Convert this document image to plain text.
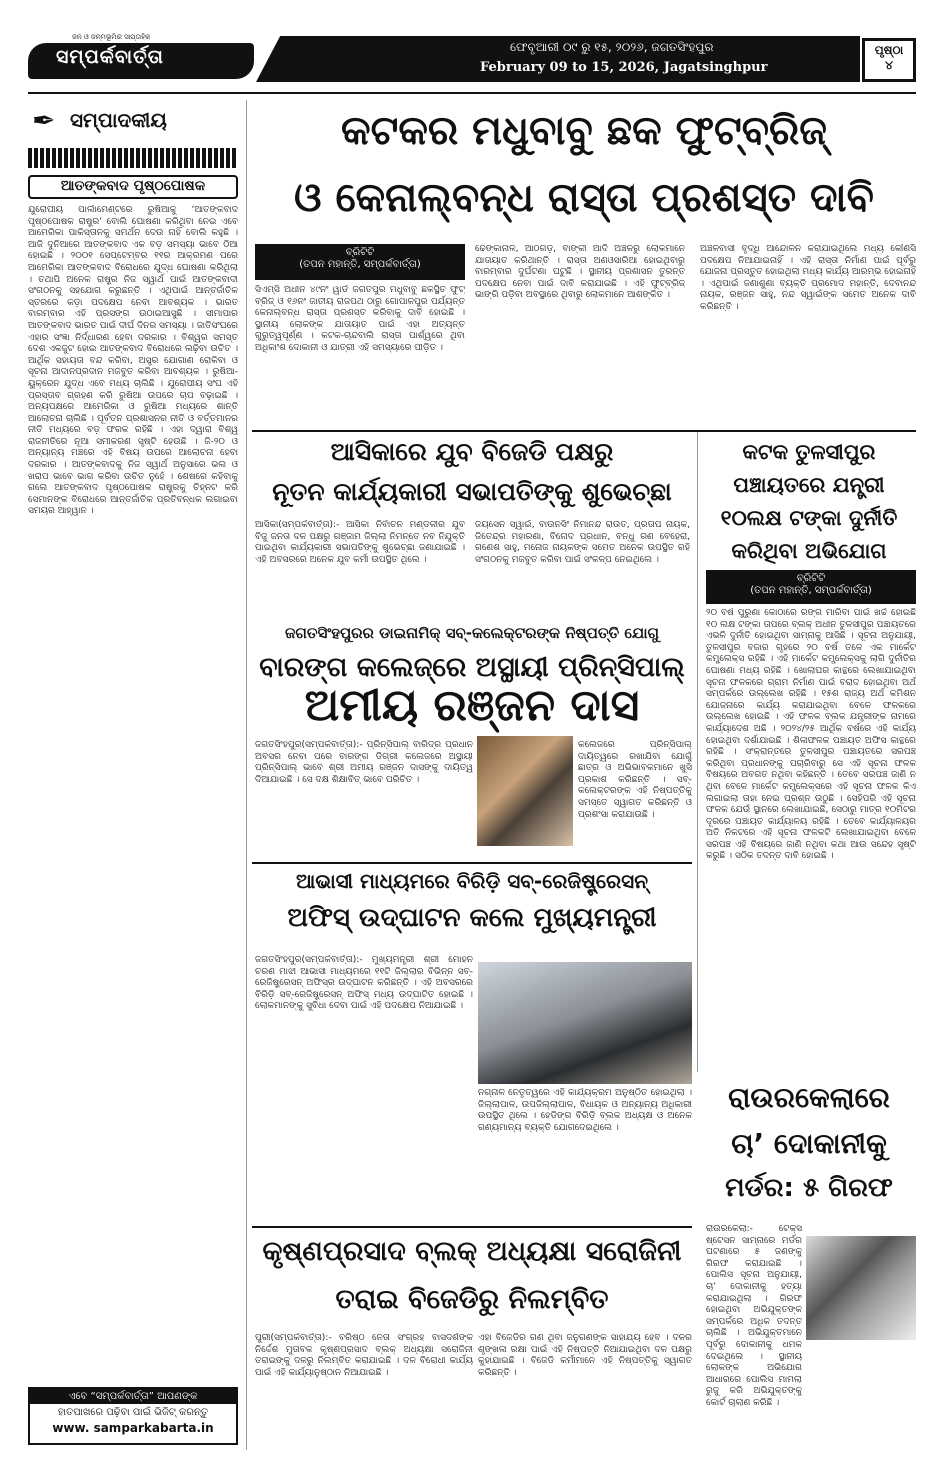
ଜନ ଓ ଜନ୍ମଭୂମିର ସାପ୍ତାହିକ
ସମ୍ପର୍କବାର୍ତ୍ତା	ଫେବୃଆରୀ ୦୯ ରୁ ୧୫, ୨୦୨୬, ଜଗତସିଂହପୁର
February 09 to 15, 2026, Jagatsinghpur
ପୃଷ୍ଠା
୪
✒ ସମ୍ପାଦକୀୟ
ଆତଙ୍କବାଦ ପୃଷ୍ଠପୋଷକ
ଯୁରୋପୀୟ ପାର୍ଲାମେଣ୍ଟରେ ରୁଷିଆକୁ ‘ଆତଙ୍କବାଦ ପୃଷ୍ଠପୋଷକ ରାଷ୍ଟ୍ର’ ବୋଲି ଘୋଷଣା କରିଥିବା ନେଇ ଏବେ ଆମେରିକା ପାକିସ୍ତାନକୁ ସମର୍ଥନ ଦେଉ ନାହିଁ ବୋଲି କହୁଛି । ଆଜି ଦୁନିଆରେ ଆତଙ୍କବାଦ ଏକ ବଡ଼ ସମସ୍ୟା ଭାବେ ଠିଆ ହୋଇଛି । ୨୦୦୧ ସେପ୍ଟେମ୍ବର ୧୧ର ଆକ୍ରମଣ ପରେ ଆମେରିକା ଆତଙ୍କବାଦ ବିରୋଧରେ ଯୁଦ୍ଧ ଘୋଷଣା କରିଥିଲା । ତଥାପି ଅନେକ ରାଷ୍ଟ୍ର ନିଜ ସ୍ୱାର୍ଥ ପାଇଁ ଆତଙ୍କବାଦୀ ସଂଗଠନକୁ ସହଯୋଗ କରୁଛନ୍ତି । ଏଥିପାଇଁ ଆନ୍ତର୍ଜାତିକ ସ୍ତରରେ କଡ଼ା ପଦକ୍ଷେପ ନେବା ଆବଶ୍ୟକ । ଭାରତ ବାରମ୍ବାର ଏହି ପ୍ରସଙ୍ଗ ଉଠାଇଆସୁଛି । ସୀମାପାର ଆତଙ୍କବାଦ ଭାରତ ପାଇଁ ଦୀର୍ଘ ଦିନର ସମସ୍ୟା । ଜାତିସଂଘରେ ଏହାର ସଂଜ୍ଞା ନିର୍ଦ୍ଧାରଣ ହେବା ଦରକାର । ବିଶ୍ୱର ସମସ୍ତ ଦେଶ ଏକଜୁଟ ହୋଇ ଆତଙ୍କବାଦ ବିରୋଧରେ ଲଢ଼ିବା ଉଚିତ । ଆର୍ଥିକ ସହାୟତା ବନ୍ଦ କରିବା, ଅସ୍ତ୍ର ଯୋଗାଣ ରୋକିବା ଓ ସୂଚନା ଆଦାନପ୍ରଦାନ ମଜବୁତ କରିବା ଆବଶ୍ୟକ । ରୁଷିଆ-ୟୁକ୍ରେନ ଯୁଦ୍ଧ ଏବେ ମଧ୍ୟ ଚାଲିଛି । ଯୁରୋପୀୟ ସଂଘ ଏହି ପ୍ରସ୍ତାବ ଗ୍ରହଣ କରି ରୁଷିଆ ଉପରେ ଚାପ ବଢ଼ାଇଛି । ଅନ୍ୟପକ୍ଷରେ ଆମେରିକା ଓ ରୁଷିଆ ମଧ୍ୟରେ ଶାନ୍ତି ଆଲୋଚନା ଚାଲିଛି । ପୂର୍ବତନ ପ୍ରଶାସନର ନୀତି ଓ ବର୍ତ୍ତମାନର ନୀତି ମଧ୍ୟରେ ବଡ଼ ଫରକ ରହିଛି । ଏହା ଦ୍ୱାରା ବିଶ୍ୱ ରାଜନୀତିରେ ନୂଆ ସମୀକରଣ ସୃଷ୍ଟି ହେଉଛି । ଜି-୨୦ ଓ ଅନ୍ୟାନ୍ୟ ମଞ୍ଚରେ ଏହି ବିଷୟ ଉପରେ ଆଲୋଚନା ହେବା ଦରକାର । ଆତଙ୍କବାଦକୁ ନିଜ ସ୍ୱାର୍ଥ ଅନୁସାରେ ଭଲ ଓ ଖରାପ ଭାବେ ଭାଗ କରିବା ଉଚିତ ନୁହେଁ । ଶେଷରେ କହିବାକୁ ଗଲେ ଆତଙ୍କବାଦ ପୃଷ୍ଠପୋଷକ ରାଷ୍ଟ୍ରକୁ ଚିହ୍ନଟ କରି ସେମାନଙ୍କ ବିରୋଧରେ ଆନ୍ତର୍ଜାତିକ ପ୍ରତିବନ୍ଧକ ଲଗାଇବା ସମୟର ଆହ୍ୱାନ ।
ଏବେ “ସମ୍ପର୍କବାର୍ତ୍ତା” ଆପଣଙ୍କ
ହାତପାଖରେ ପଢ଼ିବା ପାଇଁ ଭିଜିଟ୍ କରନ୍ତୁ
www. samparkabarta.in
କଟକର ମଧୁବାବୁ ଛକ ଫୁଟ୍‌ବ୍ରିଜ୍
ଓ କେନାଲ୍‌ବନ୍ଧ ରାସ୍ତା ପ୍ରଶସ୍ତ ଦାବି
ବ୍ରିଟିଟି
(ତପନ ମହାନ୍ତି, ସମ୍ପର୍କବାର୍ତ୍ତା)
ସିଏମ୍‌ସି ଅଧୀନ ୪୯ନଂ ୱାର୍ଡ ଜଗତପୁର ମଧୁବାବୁ ଛକସ୍ଥିତ ଫୁଟ୍ ବ୍ରିଜ୍ ଓ ୧୬ନଂ ଜାତୀୟ ରାଜପଥ ଠାରୁ ଗୋପାଳପୁର ପର୍ଯ୍ୟନ୍ତ କେନାଲ୍‌ବନ୍ଧ ରାସ୍ତା ପ୍ରଶସ୍ତ କରିବାକୁ ଦାବି ହୋଇଛି । ସ୍ଥାନୀୟ ଲୋକଙ୍କ ଯାତାୟାତ ପାଇଁ ଏହା ଅତ୍ୟନ୍ତ ଗୁରୁତ୍ୱପୂର୍ଣ୍ଣ । କଟକ-ଚାନ୍ଦବାଲି ରାସ୍ତା ପାର୍ଶ୍ୱରେ ଥିବା ଅଧିକାଂଶ ଦୋକାନୀ ଓ ଯାତ୍ରୀ ଏହି ସମସ୍ୟାରେ ପୀଡ଼ିତ ।
ଢେଙ୍କାନାଳ, ଆଠଗଡ଼, ବାଙ୍କୀ ଆଦି ଅଞ୍ଚଳରୁ ଲୋକମାନେ ଯାତାୟାତ କରିଥାନ୍ତି । ରାସ୍ତା ଅଣଓସାରିଆ ହୋଇଥିବାରୁ ବାରମ୍ବାର ଦୁର୍ଘଟଣା ଘଟୁଛି । ସ୍ଥାନୀୟ ପ୍ରଶାସନ ତୁରନ୍ତ ପଦକ୍ଷେପ ନେବା ପାଇଁ ଦାବି କରାଯାଇଛି । ଏହି ଫୁଟ୍‌ବ୍ରିଜ୍ ଭାଙ୍ଗି ପଡ଼ିବା ଅବସ୍ଥାରେ ଥିବାରୁ ଲୋକମାନେ ଆଶଙ୍କିତ ।
ଅଞ୍ଚଳବାସୀ ବୃଦ୍ଧି ଆନ୍ଦୋଳନ କରାଯାଇଥିଲେ ମଧ୍ୟ କୌଣସି ପଦକ୍ଷେପ ନିଆଯାଇନାହିଁ । ଏହି ରାସ୍ତା ନିର୍ମାଣ ପାଇଁ ପୂର୍ବରୁ ଯୋଜନା ପ୍ରସ୍ତୁତ ହୋଇଥିଲା ମଧ୍ୟ କାର୍ଯ୍ୟ ଆରମ୍ଭ ହୋଇନାହିଁ । ଏଥିପାଇଁ ଜଣାଶୁଣା ବ୍ୟକ୍ତି ପ୍ରମୋଦ ମହାନ୍ତି, ଦେବାନନ୍ଦ ନାୟକ, ରଞ୍ଜନ ସାହୁ, ନନ୍ଦ ସ୍ୱାଇଁଙ୍କ ସମେତ ଅନେକ ଦାବି କରିଛନ୍ତି ।
ଆସିକାରେ ଯୁବ ବିଜେଡି ପକ୍ଷରୁ
ନୂତନ କାର୍ଯ୍ୟକାରୀ ସଭାପତିଙ୍କୁ ଶୁଭେଚ୍ଛା
ଆସିକା(ସମ୍ପର୍କବାର୍ତ୍ତା):- ଆସିକା ନିର୍ବାଚନ ମଣ୍ଡଳୀର ଯୁବ ବିଜୁ ଜନତା ଦଳ ପକ୍ଷରୁ ଗଞ୍ଜାମ ଜିଲ୍ଲା ନିମନ୍ତେ ନବ ନିଯୁକ୍ତି ପାଇଥିବା କାର୍ଯ୍ୟକାରୀ ସଭାପତିଙ୍କୁ ଶୁଭେଚ୍ଛା ଜଣାଯାଇଛି । ଏହି ଅବସରରେ ଅନେକ ଯୁବ କର୍ମୀ ଉପସ୍ଥିତ ଥିଲେ ।
ଜୟସେନ ସ୍ୱାଇଁ, ବାଉନସିଂ ନିମାନନ୍ଦ ରାଉତ, ପ୍ରତାପ ନାୟକ, ଜିତେନ୍ଦ୍ର ମହାରଣା, ବିନୋଦ ପ୍ରଧାନ, ବନ୍ଧୁ ରଣ ବେହେରା, ଗଣେଶ ସାହୁ, ମନୋଜ ନାୟକଙ୍କ ସମେତ ଅନେକ ଉପସ୍ଥିତ ରହି ସଂଗଠନକୁ ମଜବୁତ କରିବା ପାଇଁ ସଂକଳ୍ପ ନେଇଥିଲେ ।
କଟକ ତୁଳସୀପୁର
ପଞ୍ଚାୟତରେ ଯନ୍ତ୍ରୀ
୧୦ଲକ୍ଷ ଟଙ୍କା ଦୁର୍ନୀତି
କରିଥିବା ଅଭିଯୋଗ
ବ୍ରିଟିଟି
(ତପନ ମହାନ୍ତି, ସମ୍ପର୍କବାର୍ତ୍ତା)
୨୦ ବର୍ଷ ପୁରୁଣା କୋଠାରେ ରଙ୍ଗ ମାରିବା ପାଇଁ ଖର୍ଚ୍ଚ ହୋଇଛି ୧୦ ଲକ୍ଷ ଟଙ୍କା ତାପରେ ବ୍ଲକ୍ ଅଧୀନ ତୁଳସୀପୁର ପଞ୍ଚାୟତରେ ଏଭଳି ଦୁର୍ନୀତି ହୋଇଥିବା ସାମ୍ନାକୁ ଆସିଛି । ସୂଚନା ଅନୁଯାୟୀ, ତୁଳସୀପୁର ବଜାର ଗୃହରେ ୨୦ ବର୍ଷ ତଳେ ଏକ ମାର୍କେଟ କମ୍ପ୍ଲେକ୍ସ ରହିଛି । ଏହି ମାର୍କେଟ କମ୍ପ୍ଲେକ୍ସକୁ ଲାଗି ଦୁର୍ନୀତିର ଘୋଷଣା ମଧ୍ୟ ରହିଛି । ଖୋଲାଘର କାନ୍ଥରେ ଲେଖାଯାଇଥିବା ସୂଚନା ଫଳକରେ ଗ୍ରାମ ନିର୍ମାଣ ପାଇଁ ବରାଦ ହୋଇଥିବା ଅର୍ଥ ସମ୍ପର୍କରେ ଉଲ୍ଲେଖ ରହିଛି । ୧୫ଶ ରାଜ୍ୟ ଅର୍ଥ କମିଶନ ଯୋଜନାରେ କାର୍ଯ୍ୟ କରାଯାଇଥିବା ବେଳେ ଫଳକରେ ଉଲ୍ଲେଖ ହୋଇଛି । ଏହି ଫଳକ ବ୍ଲକ ଯନ୍ତ୍ରୀଙ୍କ ନାମରେ କାର୍ଯ୍ୟାଦେଶ ଅଛି । ୨୦୨୪/୨୫ ଆର୍ଥିକ ବର୍ଷରେ ଏହି କାର୍ଯ୍ୟ ହୋଇଥିବା ଦର୍ଶାଯାଇଛି । ଶିଳାଫଳକ ପଞ୍ଚାୟତ ଅଫିସ କାନ୍ଥରେ ରହିଛି । ସଂକ୍ରାନ୍ତରେ ତୁଳସୀପୁର ପଞ୍ଚାୟତରେ ସରପଞ୍ଚ କରିଥିବା ପ୍ରଧାନଙ୍କୁ ପଚାରିବାରୁ ସେ ଏହି ସୂଚନା ଫଳକ ବିଷୟରେ ଅବଗତ ନଥିବା କହିଛନ୍ତି । ତେବେ ସରପଞ୍ଚ ଜାଣି ନ ଥିବା ବେଳେ ମାର୍କେଟ କମ୍ପ୍ଲେକ୍ସରେ ଏହି ସୂଚନା ଫଳକ କିଏ ଲଗାଇଲା ତାହା ନେଇ ପ୍ରଶ୍ନ ଉଠୁଛି । ସେହିପରି ଏହି ସୂଚନା ଫଳକ ଯେଉଁ ସ୍ଥାନରେ ଲେଖାଯାଇଛି, ସେଠାରୁ ମାତ୍ର ୧୦ମିଟର ଦୂରରେ ପଞ୍ଚାୟତ କାର୍ଯ୍ୟାଳୟ ରହିଛି । ତେବେ କାର୍ଯ୍ୟାଳୟର ଅତି ନିକଟରେ ଏହି ସୂଚନା ଫଳକଟି ଲେଖାଯାଇଥିବା ବେଳେ ସରପଞ୍ଚ ଏହି ବିଷୟରେ ଜାଣି ନଥିବା କଥା ଆଉ ସନ୍ଦେହ ସୃଷ୍ଟି କରୁଛି । ସଠିକ ତଦନ୍ତ ଦାବି ହୋଇଛି ।
ଜଗତସିଂହପୁରର ଡାଇନାମିକ୍ ସବ୍-କଲେକ୍ଟରଙ୍କ ନିଷ୍ପତ୍ତି ଯୋଗୁ
ବାରଙ୍ଗ କଲେଜ୍‌ରେ ଅସ୍ଥାୟୀ ପ୍ରିନ୍ସିପାଲ୍
ଅମୀୟ ରଞ୍ଜନ ଦାସ
ଜଗତସିଂହପୁର(ସମ୍ପର୍କବାର୍ତ୍ତା):- ପ୍ରିନ୍ସିପାଲ୍ ବାରିଦ୍ର ପ୍ରଧାନ ଅବସର ନେବା ପରେ ବାରଙ୍ଗ ଡିଗ୍ରୀ କଲେଜରେ ଅସ୍ଥାୟୀ ପ୍ରିନ୍ସିପାଲ୍ ଭାବେ ଶ୍ରୀ ଅମୀୟ ରଞ୍ଜନ ଦାସଙ୍କୁ ଦାୟିତ୍ୱ ଦିଆଯାଇଛି । ସେ ଦକ୍ଷ ଶିକ୍ଷାବିତ୍ ଭାବେ ପରିଚିତ ।
କଲେଜରେ ପ୍ରିନ୍ସିପାଲ୍ ଦାୟିତ୍ୱରେ ରଖାଯିବା ଯୋଗୁଁ ଛାତ୍ର ଓ ଅଭିଭାବକମାନେ ଖୁସି ପ୍ରକାଶ କରିଛନ୍ତି । ସବ୍-କଲେକ୍ଟରଙ୍କ ଏହି ନିଷ୍ପତ୍ତିକୁ ସମସ୍ତେ ସ୍ୱାଗତ କରିଛନ୍ତି ଓ ପ୍ରଶଂସା କରାଯାଉଛି ।
ଆଭାସୀ ମାଧ୍ୟମରେ ବିରିଡ଼ି ସବ୍-ରେଜିଷ୍ଟ୍ରେସନ୍
ଅଫିସ୍ ଉଦ୍‌ଘାଟନ କଲେ ମୁଖ୍ୟମନ୍ତ୍ରୀ
ଜଗତସିଂହପୁର(ସମ୍ପର୍କବାର୍ତ୍ତା):- ମୁଖ୍ୟମନ୍ତ୍ରୀ ଶ୍ରୀ ମୋହନ ଚରଣ ମାଝୀ ଆଭାସୀ ମାଧ୍ୟମରେ ୧୧ଟି ଜିଲ୍ଲାର ବିଭିନ୍ନ ସବ୍-ରେଜିଷ୍ଟ୍ରେସନ୍ ଅଫିସ୍‌ର ଉଦ୍‌ଘାଟନ କରିଛନ୍ତି । ଏହି ଅବସରରେ ବିରିଡ଼ି ସବ୍-ରେଜିଷ୍ଟ୍ରେସନ୍ ଅଫିସ୍ ମଧ୍ୟ ଉଦ୍‌ଘାଟିତ ହୋଇଛି । ଲୋକମାନଙ୍କୁ ସୁବିଧା ଦେବା ପାଇଁ ଏହି ପଦକ୍ଷେପ ନିଆଯାଇଛି ।
ନଗ୍ନାଳ ନେତୃତ୍ୱରେ ଏହି କାର୍ଯ୍ୟକ୍ରମ ଅନୁଷ୍ଠିତ ହୋଇଥିଲା । ଜିଲ୍ଲାପାଳ, ଉପଜିଲ୍ଲାପାଳ, ବିଧାୟକ ଓ ଅନ୍ୟାନ୍ୟ ଅଧିକାରୀ ଉପସ୍ଥିତ ଥିଲେ । ହେଡିଙ୍ଗ ବିରିଡ଼ି ବ୍ଲକ ଅଧ୍ୟକ୍ଷ ଓ ଅନେକ ଗଣ୍ୟମାନ୍ୟ ବ୍ୟକ୍ତି ଯୋଗଦେଇଥିଲେ ।
ରାଉରକେଲାରେ
ଚା’ ଦୋକାନୀକୁ
ମର୍ଡର: ୫ ଗିରଫ
ରାଉରକେଲା:- ଟେକ୍ସ ଷ୍ଟେସନ ସାମ୍ନାରେ ମର୍ଡର ଘଟଣାରେ ୫ ଜଣଙ୍କୁ ଗିରଫ କରାଯାଇଛି । ପୋଲିସ ସୂଚନା ଅନୁଯାୟୀ, ଚା’ ଦୋକାନୀକୁ ହତ୍ୟା କରାଯାଇଥିଲା । ଗିରଫ ହୋଇଥିବା ଅଭିଯୁକ୍ତଙ୍କ ସମ୍ପର୍କରେ ଅଧିକ ତଦନ୍ତ ଚାଲିଛି । ଅଭିଯୁକ୍ତମାନେ ପୂର୍ବରୁ ଦୋକାନୀକୁ ଧମକ ଦେଇଥିଲେ । ସ୍ଥାନୀୟ ଲୋକଙ୍କ ଅଭିଯୋଗ ଆଧାରରେ ପୋଲିସ ମାମଲା ରୁଜୁ କରି ଅଭିଯୁକ୍ତଙ୍କୁ କୋର୍ଟ ଚାଲାଣ କରିଛି ।
କୃଷ୍ଣପ୍ରସାଦ ବ୍ଲକ୍ ଅଧ୍ୟକ୍ଷା ସରୋଜିନୀ
ତରାଇ ବିଜେଡିରୁ ନିଲମ୍ବିତ
ପୁରୀ(ସମ୍ପର୍କବାର୍ତ୍ତା):- ବରିଷ୍ଠ ନେତା ସଂଗ୍ରହ ବାସଦର୍ଶଙ୍କ ନିର୍ଦ୍ଦେଶ ମୁତାବକ କୃଷ୍ଣପ୍ରସାଦ ବ୍ଲକ୍ ଅଧ୍ୟକ୍ଷା ସରୋଜିନୀ ତରାଇଙ୍କୁ ଦଳରୁ ନିଲମ୍ବିତ କରାଯାଇଛି । ଦଳ ବିରୋଧୀ କାର୍ଯ୍ୟ ପାଇଁ ଏହି କାର୍ଯ୍ୟାନୁଷ୍ଠାନ ନିଆଯାଇଛି ।
ଏହା ବିଜେଡିର ଗଣ ଥିବା ଜନୁଗଣଙ୍କ ସାହାଯ୍ୟ ହେବ । ଦଳର ଶୃଙ୍ଖଳା ରକ୍ଷା ପାଇଁ ଏହି ନିଷ୍ପତ୍ତି ନିଆଯାଇଥିବା ଦଳ ପକ୍ଷରୁ କୁହାଯାଇଛି । ବିଜେଡି କର୍ମୀମାନେ ଏହି ନିଷ୍ପତ୍ତିକୁ ସ୍ୱାଗତ କରିଛନ୍ତି ।
